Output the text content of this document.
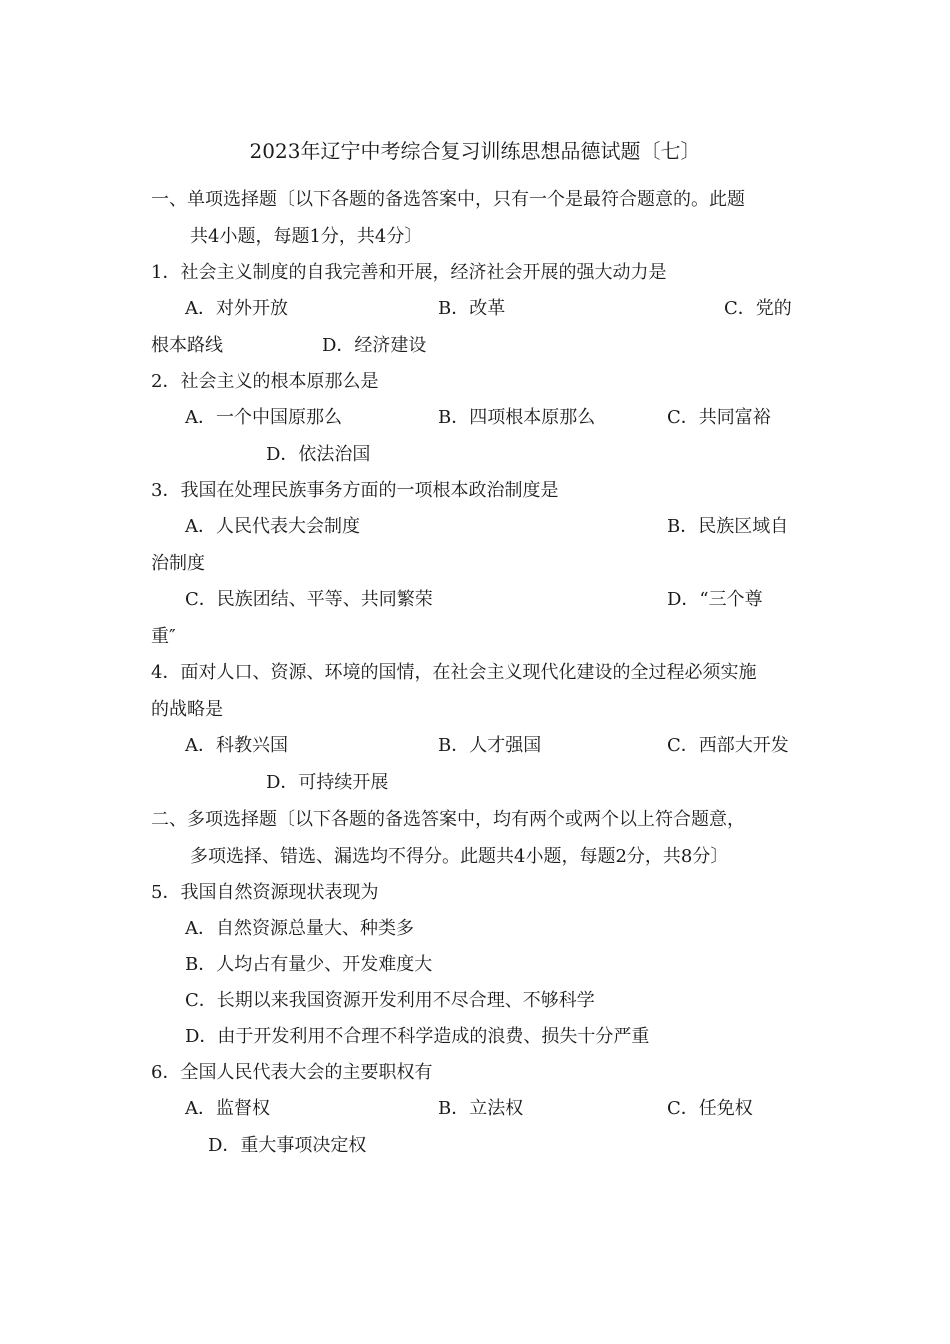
2023年辽宁中考综合复习训练思想品德试题〔七〕
一、单项选择题〔以下各题的备选答案中，只有一个是最符合题意的。此题
共4小题，每题1分，共4分〕
1．社会主义制度的自我完善和开展，经济社会开展的强大动力是
A．对外开放	B．改革	C．党的
根本路线	D．经济建设
2．社会主义的根本原那么是
A．一个中国原那么	B．四项根本原那么	C．共同富裕
D．依法治国
3．我国在处理民族事务方面的一项根本政治制度是
A．人民代表大会制度	B．民族区域自
治制度
C．民族团结、平等、共同繁荣	D．“三个尊
重″
4．面对人口、资源、环境的国情，在社会主义现代化建设的全过程必须实施
的战略是
A．科教兴国	B．人才强国	C．西部大开发
D．可持续开展
二、多项选择题〔以下各题的备选答案中，均有两个或两个以上符合题意，
多项选择、错选、漏选均不得分。此题共4小题，每题2分，共8分〕
5．我国自然资源现状表现为
A．自然资源总量大、种类多
B．人均占有量少、开发难度大
C．长期以来我国资源开发利用不尽合理、不够科学
D．由于开发利用不合理不科学造成的浪费、损失十分严重
6．全国人民代表大会的主要职权有
A．监督权	B．立法权	C．任免权
D．重大事项决定权
